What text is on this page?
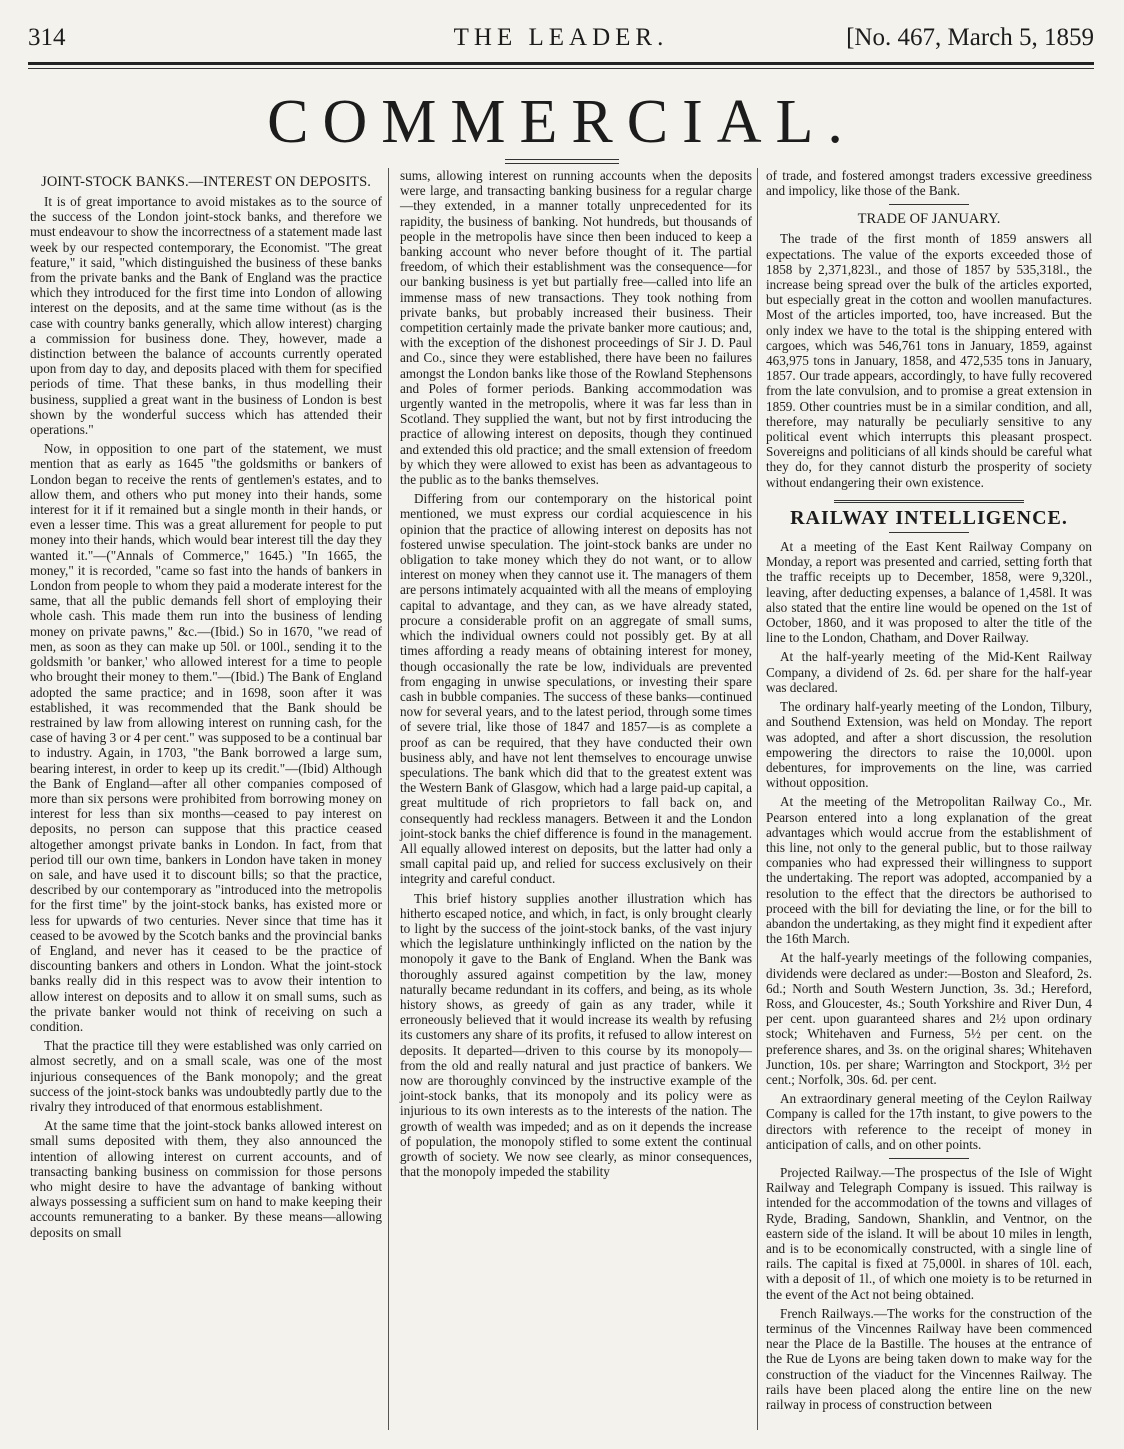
314	THE LEADER.	[No. 467, March 5, 1859
COMMERCIAL.
JOINT-STOCK BANKS.—INTEREST ON DEPOSITS.

It is of great importance to avoid mistakes as to the source of the success of the London joint-stock banks, and therefore we must endeavour to show the incorrectness of a statement made last week by our respected contemporary, the Economist. "The great feature," it said, "which distinguished the business of these banks from the private banks and the Bank of England was the practice which they introduced for the first time into London of allowing interest on the deposits, and at the same time without (as is the case with country banks generally, which allow interest) charging a commission for business done. They, however, made a distinction between the balance of accounts currently operated upon from day to day, and deposits placed with them for specified periods of time. That these banks, in thus modelling their business, supplied a great want in the business of London is best shown by the wonderful success which has attended their operations."

Now, in opposition to one part of the statement, we must mention that as early as 1645 "the goldsmiths or bankers of London began to receive the rents of gentlemen's estates, and to allow them, and others who put money into their hands, some interest for it if it remained but a single month in their hands, or even a lesser time. This was a great allurement for people to put money into their hands, which would bear interest till the day they wanted it."—("Annals of Commerce," 1645.) "In 1665, the money," it is recorded, "came so fast into the hands of bankers in London from people to whom they paid a moderate interest for the same, that all the public demands fell short of employing their whole cash. This made them run into the business of lending money on private pawns," &c.—(Ibid.) So in 1670, "we read of men, as soon as they can make up 50l. or 100l., sending it to the goldsmith 'or banker,' who allowed interest for a time to people who brought their money to them."—(Ibid.) The Bank of England adopted the same practice; and in 1698, soon after it was established, it was recommended that the Bank should be restrained by law from allowing interest on running cash, for the case of having 3 or 4 per cent." was supposed to be a continual bar to industry. Again, in 1703, "the Bank borrowed a large sum, bearing interest, in order to keep up its credit."—(Ibid) Although the Bank of England—after all other companies composed of more than six persons were prohibited from borrowing money on interest for less than six months—ceased to pay interest on deposits, no person can suppose that this practice ceased altogether amongst private banks in London. In fact, from that period till our own time, bankers in London have taken in money on sale, and have used it to discount bills; so that the practice, described by our contemporary as "introduced into the metropolis for the first time" by the joint-stock banks, has existed more or less for upwards of two centuries. Never since that time has it ceased to be avowed by the Scotch banks and the provincial banks of England, and never has it ceased to be the practice of discounting bankers and others in London. What the joint-stock banks really did in this respect was to avow their intention to allow interest on deposits and to allow it on small sums, such as the private banker would not think of receiving on such a condition.

That the practice till they were established was only carried on almost secretly, and on a small scale, was one of the most injurious consequences of the Bank monopoly; and the great success of the joint-stock banks was undoubtedly partly due to the rivalry they introduced of that enormous establishment.

At the same time that the joint-stock banks allowed interest on small sums deposited with them, they also announced the intention of allowing interest on current accounts, and of transacting banking business on commission for those persons who might desire to have the advantage of banking without always possessing a sufficient sum on hand to make keeping their accounts remunerating to a banker. By these means—allowing deposits on small

sums, allowing interest on running accounts when the deposits were large, and transacting banking business for a regular charge—they extended, in a manner totally unprecedented for its rapidity, the business of banking. Not hundreds, but thousands of people in the metropolis have since then been induced to keep a banking account who never before thought of it. The partial freedom, of which their establishment was the consequence—for our banking business is yet but partially free—called into life an immense mass of new transactions. They took nothing from private banks, but probably increased their business. Their competition certainly made the private banker more cautious; and, with the exception of the dishonest proceedings of Sir J. D. Paul and Co., since they were established, there have been no failures amongst the London banks like those of the Rowland Stephensons and Poles of former periods. Banking accommodation was urgently wanted in the metropolis, where it was far less than in Scotland. They supplied the want, but not by first introducing the practice of allowing interest on deposits, though they continued and extended this old practice; and the small extension of freedom by which they were allowed to exist has been as advantageous to the public as to the banks themselves.

Differing from our contemporary on the historical point mentioned, we must express our cordial acquiescence in his opinion that the practice of allowing interest on deposits has not fostered unwise speculation. The joint-stock banks are under no obligation to take money which they do not want, or to allow interest on money when they cannot use it. The managers of them are persons intimately acquainted with all the means of employing capital to advantage, and they can, as we have already stated, procure a considerable profit on an aggregate of small sums, which the individual owners could not possibly get. By at all times affording a ready means of obtaining interest for money, though occasionally the rate be low, individuals are prevented from engaging in unwise speculations, or investing their spare cash in bubble companies. The success of these banks—continued now for several years, and to the latest period, through some times of severe trial, like those of 1847 and 1857—is as complete a proof as can be required, that they have conducted their own business ably, and have not lent themselves to encourage unwise speculations. The bank which did that to the greatest extent was the Western Bank of Glasgow, which had a large paid-up capital, a great multitude of rich proprietors to fall back on, and consequently had reckless managers. Between it and the London joint-stock banks the chief difference is found in the management. All equally allowed interest on deposits, but the latter had only a small capital paid up, and relied for success exclusively on their integrity and careful conduct.

This brief history supplies another illustration which has hitherto escaped notice, and which, in fact, is only brought clearly to light by the success of the joint-stock banks, of the vast injury which the legislature unthinkingly inflicted on the nation by the monopoly it gave to the Bank of England. When the Bank was thoroughly assured against competition by the law, money naturally became redundant in its coffers, and being, as its whole history shows, as greedy of gain as any trader, while it erroneously believed that it would increase its wealth by refusing its customers any share of its profits, it refused to allow interest on deposits. It departed—driven to this course by its monopoly—from the old and really natural and just practice of bankers. We now are thoroughly convinced by the instructive example of the joint-stock banks, that its monopoly and its policy were as injurious to its own interests as to the interests of the nation. The growth of wealth was impeded; and as on it depends the increase of population, the monopoly stifled to some extent the continual growth of society. We now see clearly, as minor consequences, that the monopoly impeded the stability

of trade, and fostered amongst traders excessive greediness and impolicy, like those of the Bank.

TRADE OF JANUARY.

The trade of the first month of 1859 answers all expectations. The value of the exports exceeded those of 1858 by 2,371,823l., and those of 1857 by 535,318l., the increase being spread over the bulk of the articles exported, but especially great in the cotton and woollen manufactures. Most of the articles imported, too, have increased. But the only index we have to the total is the shipping entered with cargoes, which was 546,761 tons in January, 1859, against 463,975 tons in January, 1858, and 472,535 tons in January, 1857. Our trade appears, accordingly, to have fully recovered from the late convulsion, and to promise a great extension in 1859. Other countries must be in a similar condition, and all, therefore, may naturally be peculiarly sensitive to any political event which interrupts this pleasant prospect. Sovereigns and politicians of all kinds should be careful what they do, for they cannot disturb the prosperity of society without endangering their own existence.

RAILWAY INTELLIGENCE.

At a meeting of the East Kent Railway Company on Monday, a report was presented and carried, setting forth that the traffic receipts up to December, 1858, were 9,320l., leaving, after deducting expenses, a balance of 1,458l. It was also stated that the entire line would be opened on the 1st of October, 1860, and it was proposed to alter the title of the line to the London, Chatham, and Dover Railway.

At the half-yearly meeting of the Mid-Kent Railway Company, a dividend of 2s. 6d. per share for the half-year was declared.

The ordinary half-yearly meeting of the London, Tilbury, and Southend Extension, was held on Monday. The report was adopted, and after a short discussion, the resolution empowering the directors to raise the 10,000l. upon debentures, for improvements on the line, was carried without opposition.

At the meeting of the Metropolitan Railway Co., Mr. Pearson entered into a long explanation of the great advantages which would accrue from the establishment of this line, not only to the general public, but to those railway companies who had expressed their willingness to support the undertaking. The report was adopted, accompanied by a resolution to the effect that the directors be authorised to proceed with the bill for deviating the line, or for the bill to abandon the undertaking, as they might find it expedient after the 16th March.

At the half-yearly meetings of the following companies, dividends were declared as under:—Boston and Sleaford, 2s. 6d.; North and South Western Junction, 3s. 3d.; Hereford, Ross, and Gloucester, 4s.; South Yorkshire and River Dun, 4 per cent. upon guaranteed shares and 2½ upon ordinary stock; Whitehaven and Furness, 5½ per cent. on the preference shares, and 3s. on the original shares; Whitehaven Junction, 10s. per share; Warrington and Stockport, 3½ per cent.; Norfolk, 30s. 6d. per cent.

An extraordinary general meeting of the Ceylon Railway Company is called for the 17th instant, to give powers to the directors with reference to the receipt of money in anticipation of calls, and on other points.

Projected Railway.—The prospectus of the Isle of Wight Railway and Telegraph Company is issued. This railway is intended for the accommodation of the towns and villages of Ryde, Brading, Sandown, Shanklin, and Ventnor, on the eastern side of the island. It will be about 10 miles in length, and is to be economically constructed, with a single line of rails. The capital is fixed at 75,000l. in shares of 10l. each, with a deposit of 1l., of which one moiety is to be returned in the event of the Act not being obtained.

French Railways.—The works for the construction of the terminus of the Vincennes Railway have been commenced near the Place de la Bastille. The houses at the entrance of the Rue de Lyons are being taken down to make way for the construction of the viaduct for the Vincennes Railway. The rails have been placed along the entire line on the new railway in process of construction between
